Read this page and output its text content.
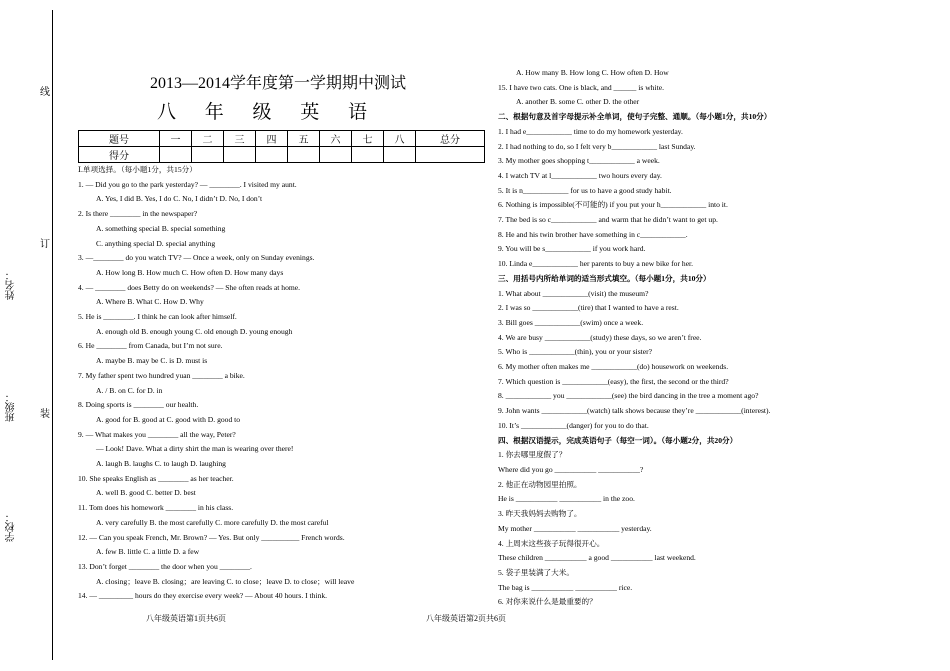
线
订
装
姓名：
班级：
学校：
2013—2014学年度第一学期期中测试
八 年 级 英 语
题号	一	二	三	四	五	六	七	八	总分
得分									
Ⅰ.单项选择。（每小题1分，共15分）
1. — Did you go to the park yesterday? — ________. I visited my aunt.
A. Yes, I did B. Yes, I do C. No, I didn’t D. No, I don’t
2. Is there ________ in the newspaper?
A. something special B. special something
C. anything special D. special anything
3. —________ do you watch TV? — Once a week, only on Sunday evenings.
A. How long B. How much C. How often D. How many days
4. — ________ does Betty do on weekends? — She often reads at home.
A. Where B. What C. How D. Why
5. He is ________. I think he can look after himself.
A. enough old B. enough young C. old enough D. young enough
6. He ________ from Canada, but I’m not sure.
A. maybe B. may be C. is D. must is
7. My father spent two hundred yuan ________ a bike.
A. / B. on C. for D. in
8. Doing sports is ________ our health.
A. good for B. good at C. good with D. good to
9. — What makes you ________ all the way, Peter?
— Look! Dave. What a dirty shirt the man is wearing over there!
A. laugh B. laughs C. to laugh D. laughing
10. She speaks English as ________ as her teacher.
A. well B. good C. better D. best
11. Tom does his homework ________ in his class.
A. very carefully B. the most carefully C. more carefully D. the most careful
12. — Can you speak French, Mr. Brown? — Yes. But only __________ French words.
A. few B. little C. a little D. a few
13. Don’t forget ________ the door when you ________.
A. closing；leave B. closing；are leaving C. to close；leave D. to close；will leave
14. — _________ hours do they exercise every week? — About 40 hours. I think.
A. How many B. How long C. How often D. How
15. I have two cats. One is black, and ______ is white.
A. another B. some C. other D. the other
二、根据句意及首字母提示补全单词，使句子完整、通顺。（每小题1分，共10分）
1. I had e____________ time to do my homework yesterday.
2. I had nothing to do, so I felt very b____________ last Sunday.
3. My mother goes shopping t____________ a week.
4. I watch TV at l____________ two hours every day.
5. It is n____________ for us to have a good study habit.
6. Nothing is impossible(不可能的) if you put your h____________ into it.
7. The bed is so c____________ and warm that he didn’t want to get up.
8. He and his twin brother have something in c____________.
9. You will be s____________ if you work hard.
10. Linda e____________ her parents to buy a new bike for her.
三、用括号内所给单词的适当形式填空。（每小题1分，共10分）
1. What about ____________(visit) the museum?
2. I was so ____________(tire) that I wanted to have a rest.
3. Bill goes ____________(swim) once a week.
4. We are busy ____________(study) these days, so we aren’t free.
5. Who is ____________(thin), you or your sister?
6. My mother often makes me ____________(do) housework on weekends.
7. Which question is ____________(easy), the first, the second or the third?
8. ____________ you ____________(see) the bird dancing in the tree a moment ago?
9. John wants ____________(watch) talk shows because they’re ____________(interest).
10. It’s ____________(danger) for you to do that.
四、根据汉语提示，完成英语句子（每空一词）。（每小题2分，共20分）
1. 你去哪里度假了？
Where did you go ___________ ___________?
2. 他正在动物园里拍照。
He is ___________ ___________ in the zoo.
3. 昨天我妈妈去购物了。
My mother ___________ ___________ yesterday.
4. 上周末这些孩子玩得很开心。
These children ___________ a good ___________ last weekend.
5. 袋子里装满了大米。
The bag is ___________ ___________ rice.
6. 对你来说什么是最重要的？
八年级英语第1页共6页	八年级英语第2页共6页
